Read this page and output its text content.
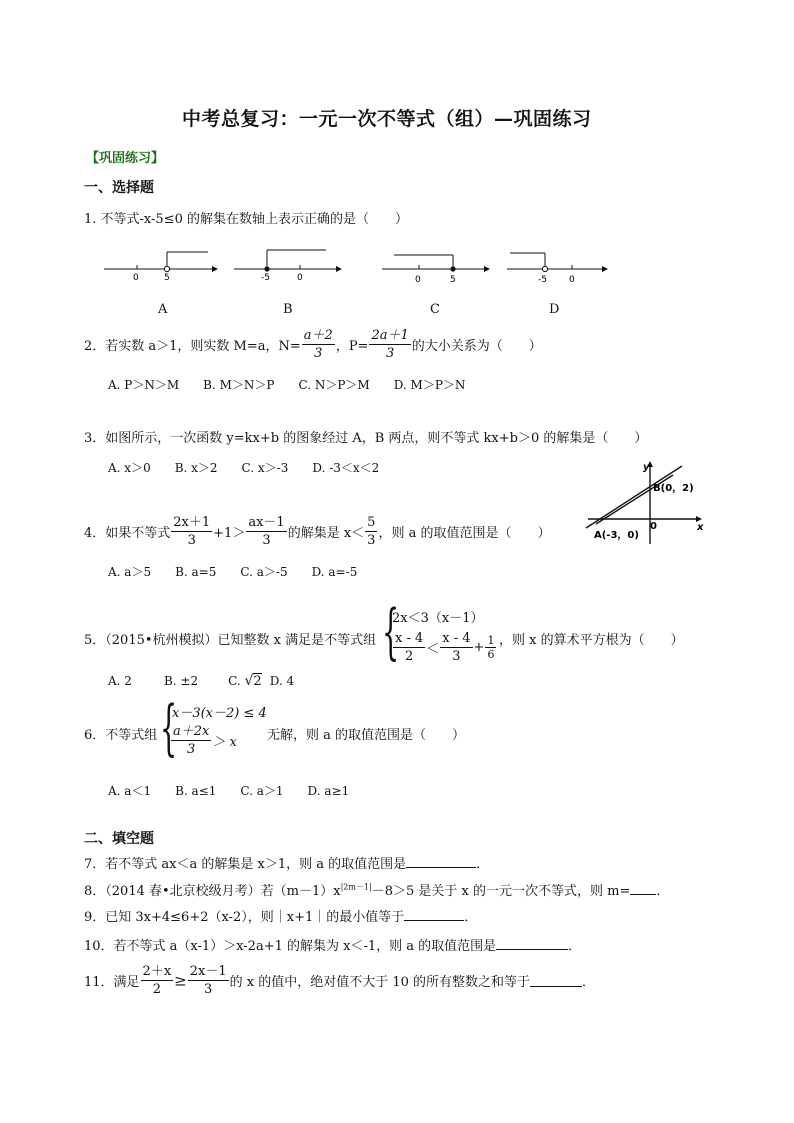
中考总复习：一元一次不等式（组）—巩固练习
【巩固练习】
一、选择题
1. 不等式-x-5≤0 的解集在数轴上表示正确的是（　　）
0	5	-5	0	0	5	-5 0
A	B	C	D
2．若实数 a＞1，则实数 M=a，$N= \frac{a+2}{3}$ ，$P= \frac{2a+1}{3}$ 的大小关系为（　　）
A. P＞N＞M　　B. M＞N＞P　　C. N＞P＞M　　D. M＞P＞N
3．如图所示，一次函数 y=kx+b 的图象经过 A，B 两点，则不等式 kx+b＞0 的解集是（　　）
A. x＞0　　B. x＞2　　C. x＞-3　　D. -3＜x＜2	y
x
0
B(0，2)
A(-3，0)
4．如果不等式 $\frac{2x+1}{3} +1> \frac{ax-1}{3}$ 的解集是 $x< \frac{5}{3}$ ，则 a 的取值范围是（　　）
A. a＞5　　B. a=5　　C. a＞-5　　D. a=-5
5．（2015•杭州模拟）已知整数 x 满足是不等式组 {
2x＜3（x－1）
$\frac{x - 4}{2} < \frac{x - 4}{3} + \frac{1}{6}$ ，则 x 的算术平方根为（　　）
A. 2	B. ±2	C. √2 D. 4
6．不等式组 {
x－3(x－2) ≤ 4
$\frac{a+2x}{3} > x$ 无解，则 a 的取值范围是（　　）
A. a＜1　　B. a≤1　　C. a＞1　　D. a≥1
二、填空题
7．若不等式 ax＜a 的解集是 x＞1，则 a 的取值范围是	．
8．（2014 春•北京校级月考）若$(m-1)x^{|2m-1|}-8>5$ 是关于 x 的一元一次不等式，则 m= ．
9．已知 3x+4≤6+2（x-2），则｜x+1｜的最小值等于	．
10．若不等式 a（x-1）＞x-2a+1 的解集为 x＜-1，则 a 的取值范围是	．
11．满足 $\frac{2+x}{2} \ge \frac{2x-1}{3}$ 的 x 的值中，绝对值不大于 10 的所有整数之和等于	．
